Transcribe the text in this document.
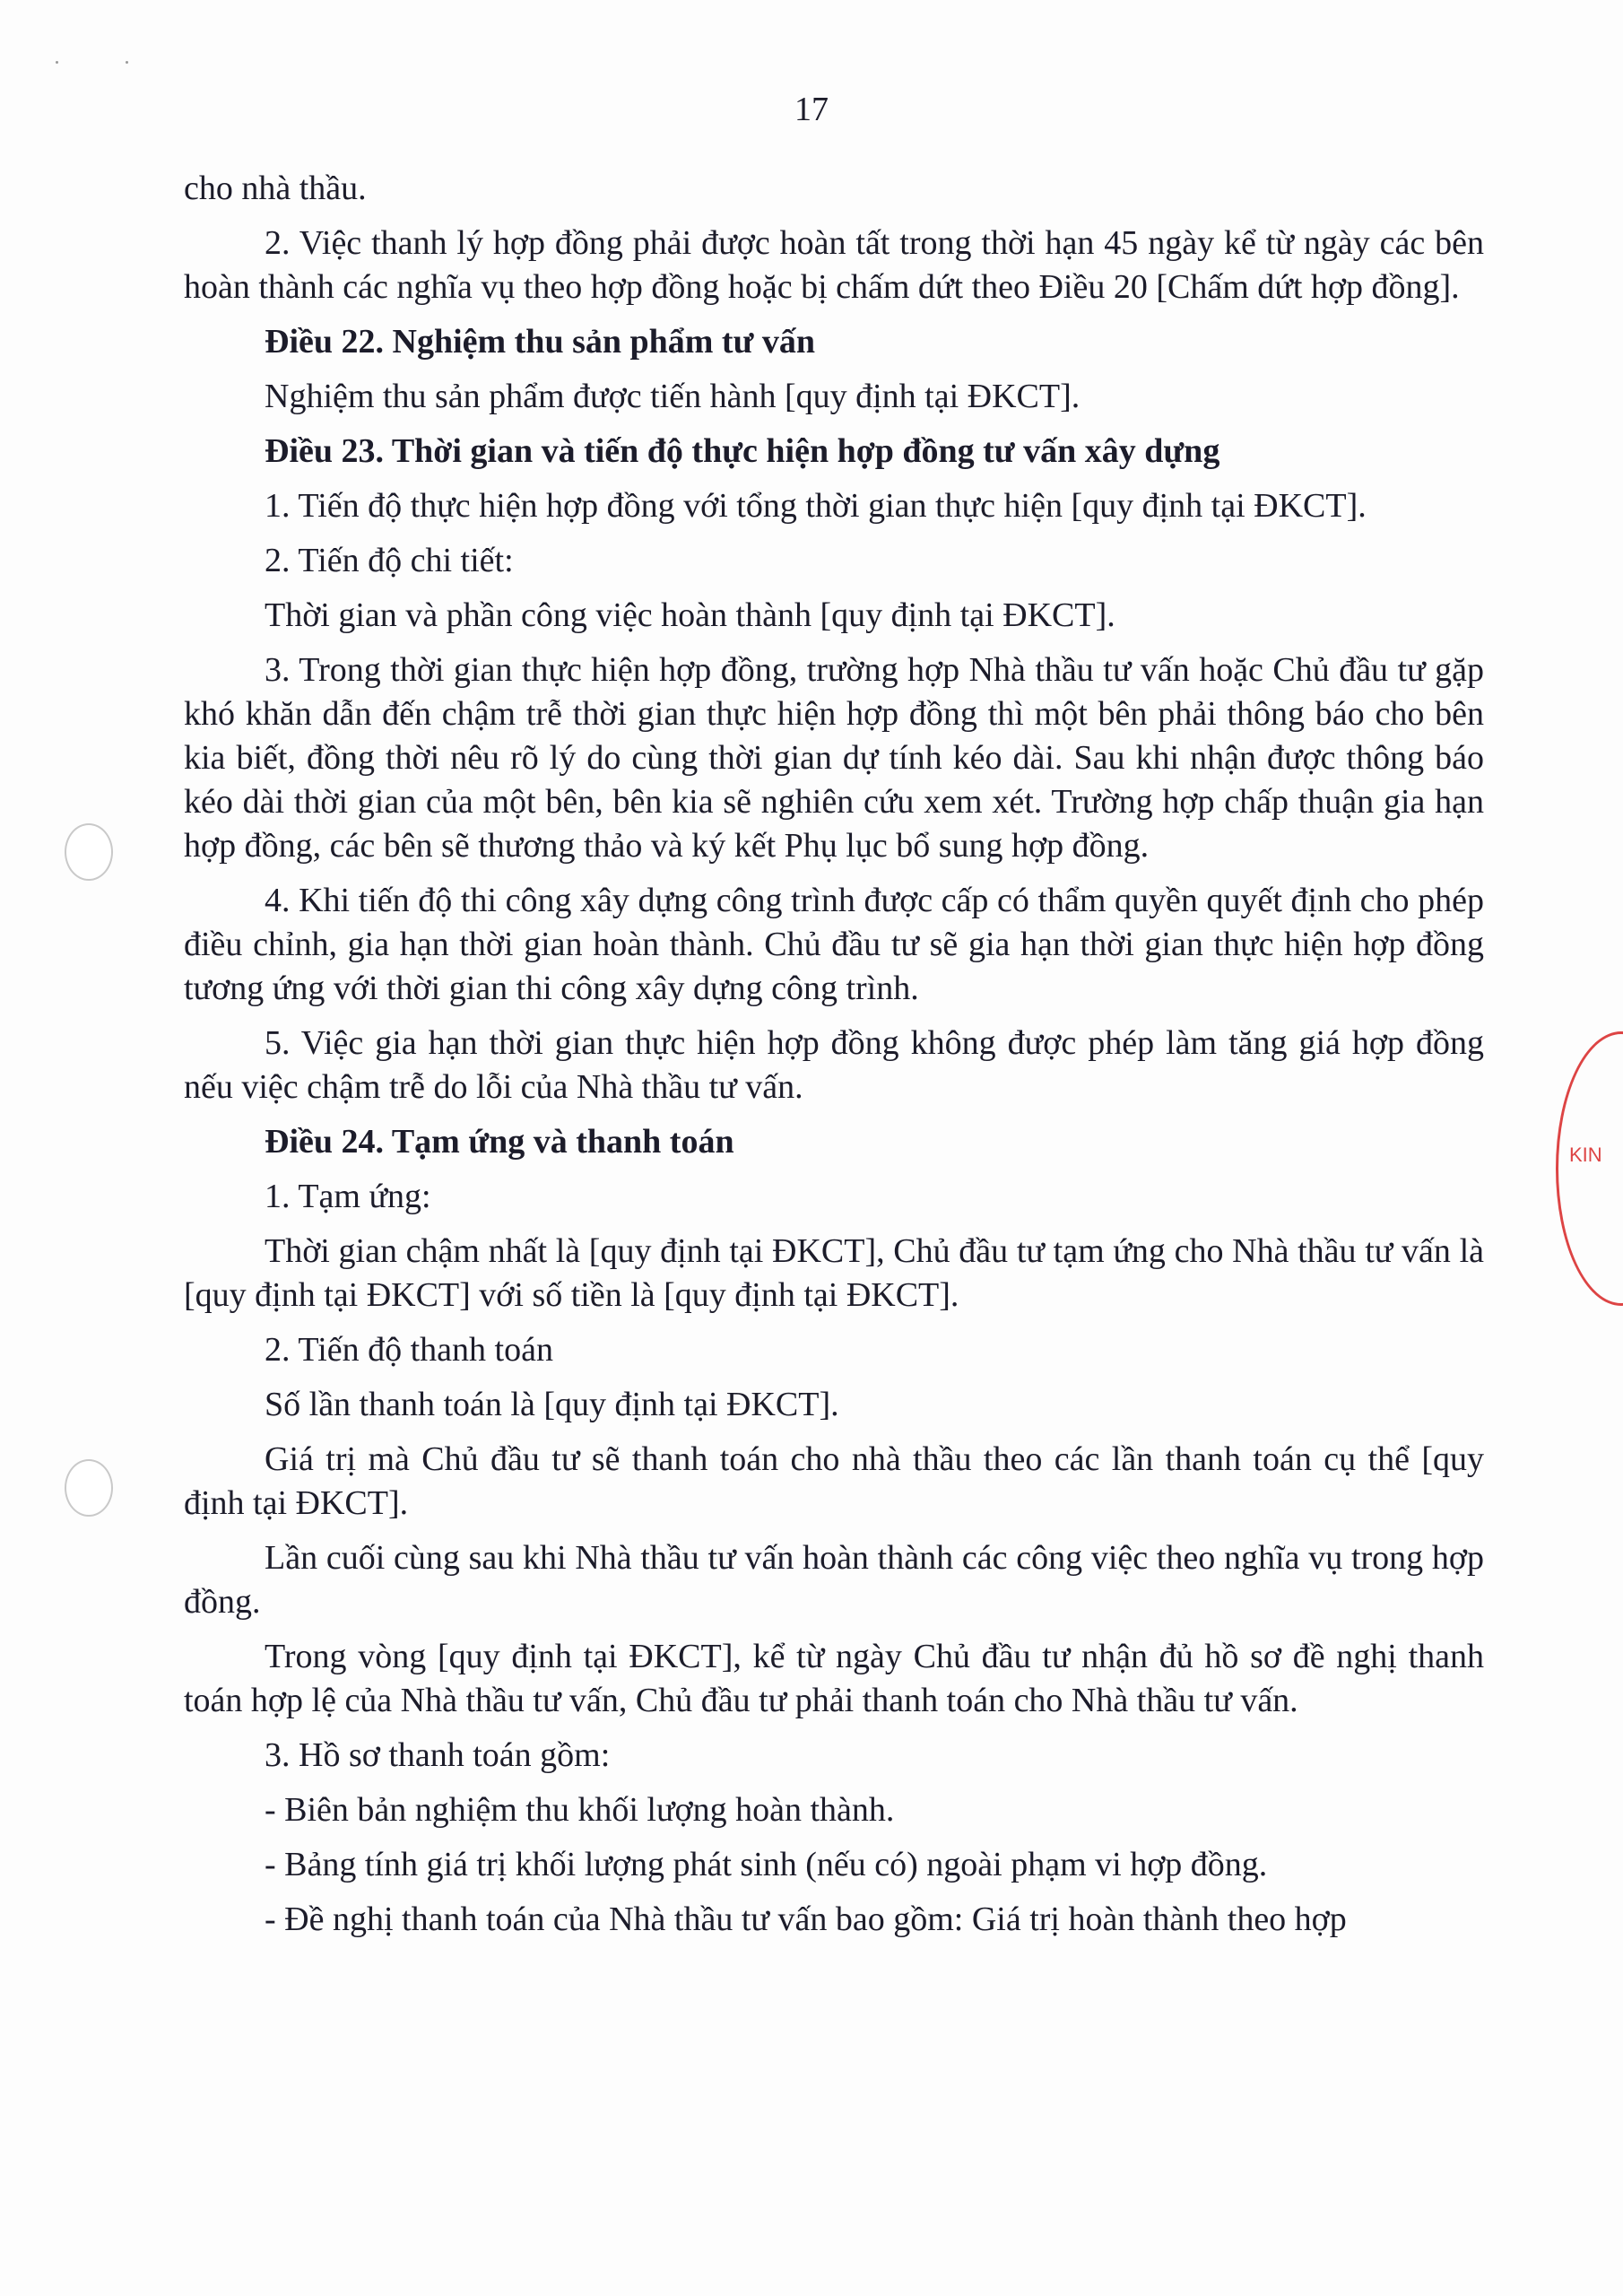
17
KIN

cho nhà thầu.

2. Việc thanh lý hợp đồng phải được hoàn tất trong thời hạn 45 ngày kể từ ngày các bên hoàn thành các nghĩa vụ theo hợp đồng hoặc bị chấm dứt theo Điều 20 [Chấm dứt hợp đồng].

Điều 22. Nghiệm thu sản phẩm tư vấn

Nghiệm thu sản phẩm được tiến hành [quy định tại ĐKCT].

Điều 23. Thời gian và tiến độ thực hiện hợp đồng tư vấn xây dựng

1. Tiến độ thực hiện hợp đồng với tổng thời gian thực hiện [quy định tại ĐKCT].

2. Tiến độ chi tiết:

Thời gian và phần công việc hoàn thành [quy định tại ĐKCT].

3. Trong thời gian thực hiện hợp đồng, trường hợp Nhà thầu tư vấn hoặc Chủ đầu tư gặp khó khăn dẫn đến chậm trễ thời gian thực hiện hợp đồng thì một bên phải thông báo cho bên kia biết, đồng thời nêu rõ lý do cùng thời gian dự tính kéo dài. Sau khi nhận được thông báo kéo dài thời gian của một bên, bên kia sẽ nghiên cứu xem xét. Trường hợp chấp thuận gia hạn hợp đồng, các bên sẽ thương thảo và ký kết Phụ lục bổ sung hợp đồng.

4. Khi tiến độ thi công xây dựng công trình được cấp có thẩm quyền quyết định cho phép điều chỉnh, gia hạn thời gian hoàn thành. Chủ đầu tư sẽ gia hạn thời gian thực hiện hợp đồng tương ứng với thời gian thi công xây dựng công trình.

5. Việc gia hạn thời gian thực hiện hợp đồng không được phép làm tăng giá hợp đồng nếu việc chậm trễ do lỗi của Nhà thầu tư vấn.

Điều 24. Tạm ứng và thanh toán

1. Tạm ứng:

Thời gian chậm nhất là [quy định tại ĐKCT], Chủ đầu tư tạm ứng cho Nhà thầu tư vấn là [quy định tại ĐKCT] với số tiền là [quy định tại ĐKCT].

2. Tiến độ thanh toán

Số lần thanh toán là [quy định tại ĐKCT].

Giá trị mà Chủ đầu tư sẽ thanh toán cho nhà thầu theo các lần thanh toán cụ thể [quy định tại ĐKCT].

Lần cuối cùng sau khi Nhà thầu tư vấn hoàn thành các công việc theo nghĩa vụ trong hợp đồng.

Trong vòng [quy định tại ĐKCT], kể từ ngày Chủ đầu tư nhận đủ hồ sơ đề nghị thanh toán hợp lệ của Nhà thầu tư vấn, Chủ đầu tư phải thanh toán cho Nhà thầu tư vấn.

3. Hồ sơ thanh toán gồm:

- Biên bản nghiệm thu khối lượng hoàn thành.

- Bảng tính giá trị khối lượng phát sinh (nếu có) ngoài phạm vi hợp đồng.

- Đề nghị thanh toán của Nhà thầu tư vấn bao gồm: Giá trị hoàn thành theo hợp
